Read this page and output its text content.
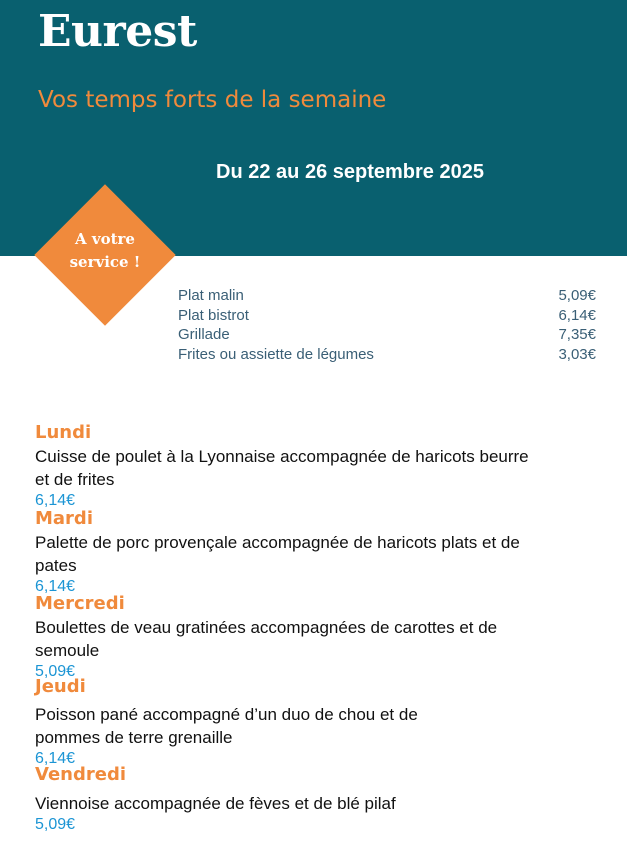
Eurest
Vos temps forts de la semaine
Du 22 au 26 septembre 2025
A votre
service !
Plat malin	5,09€
Plat bistrot	6,14€
Grillade	7,35€
Frites ou assiette de légumes	3,03€
Lundi
Cuisse de poulet à la Lyonnaise accompagnée de haricots beurre
et de frites
6,14€
Mardi
Palette de porc provençale accompagnée de haricots plats et de
pates
6,14€
Mercredi
Boulettes de veau gratinées accompagnées de carottes et de
semoule
5,09€
Jeudi
Poisson pané accompagné d’un duo de chou et de
pommes de terre grenaille
6,14€
Vendredi
Viennoise accompagnée de fèves et de blé pilaf
5,09€
